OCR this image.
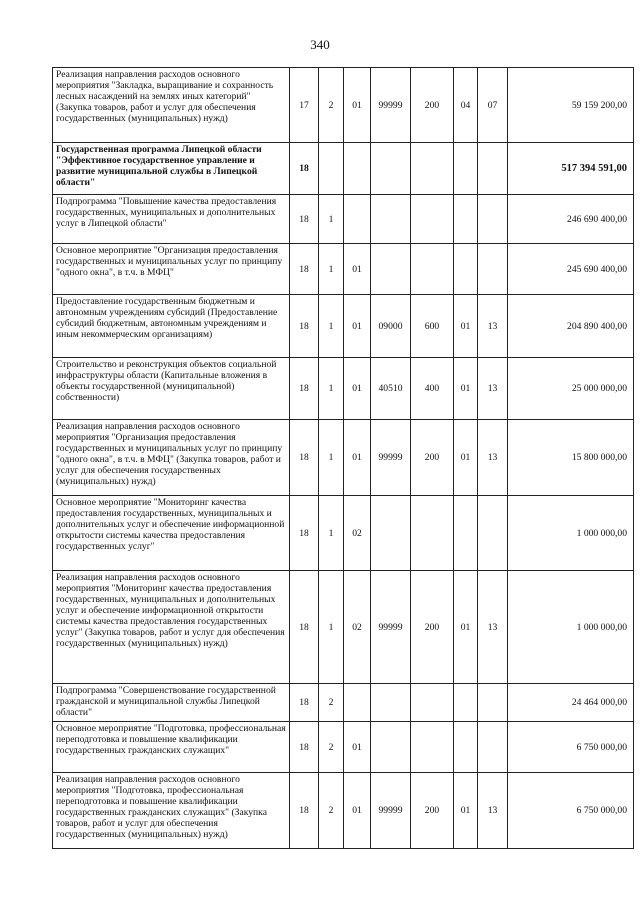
340
Реализация направления расходов основного мероприятия "Закладка, выращивание и сохранность лесных насаждений на землях иных категорий" (Закупка товаров, работ и услуг для обеспечения государственных (муниципальных) нужд)	17	2	01	99999	200	04	07	59 159 200,00
Государственная программа Липецкой области "Эффективное государственное управление и развитие муниципальной службы в Липецкой области"	18							517 394 591,00
Подпрограмма "Повышение качества предоставления государственных, муниципальных и дополнительных услуг в Липецкой области"	18	1						246 690 400,00
Основное мероприятие "Организация предоставления государственных и муниципальных услуг по принципу "одного окна", в т.ч. в МФЦ"	18	1	01					245 690 400,00
Предоставление государственным бюджетным и автономным учреждениям субсидий (Предоставление субсидий бюджетным, автономным учреждениям и иным некоммерческим организациям)	18	1	01	09000	600	01	13	204 890 400,00
Строительство и реконструкция объектов социальной инфраструктуры области (Капитальные вложения в объекты государственной (муниципальной) собственности)	18	1	01	40510	400	01	13	25 000 000,00
Реализация направления расходов основного мероприятия "Организация предоставления государственных и муниципальных услуг по принципу "одного окна", в т.ч. в МФЦ" (Закупка товаров, работ и услуг для обеспечения государственных (муниципальных) нужд)	18	1	01	99999	200	01	13	15 800 000,00
Основное мероприятие "Мониторинг качества предоставления государственных, муниципальных и дополнительных услуг и обеспечение информационной открытости системы качества предоставления государственных услуг"	18	1	02					1 000 000,00
Реализация направления расходов основного мероприятия "Мониторинг качества предоставления государственных, муниципальных и дополнительных услуг и обеспечение информационной открытости системы качества предоставления государственных услуг" (Закупка товаров, работ и услуг для обеспечения государственных (муниципальных) нужд)	18	1	02	99999	200	01	13	1 000 000,00
Подпрограмма "Совершенствование государственной гражданской и муниципальной службы Липецкой области"	18	2						24 464 000,00
Основное мероприятие "Подготовка, профессиональная переподготовка и повышение квалификации государственных гражданских служащих"	18	2	01					6 750 000,00
Реализация направления расходов основного мероприятия "Подготовка, профессиональная переподготовка и повышение квалификации государственных гражданских служащих" (Закупка товаров, работ и услуг для обеспечения государственных (муниципальных) нужд)	18	2	01	99999	200	01	13	6 750 000,00
